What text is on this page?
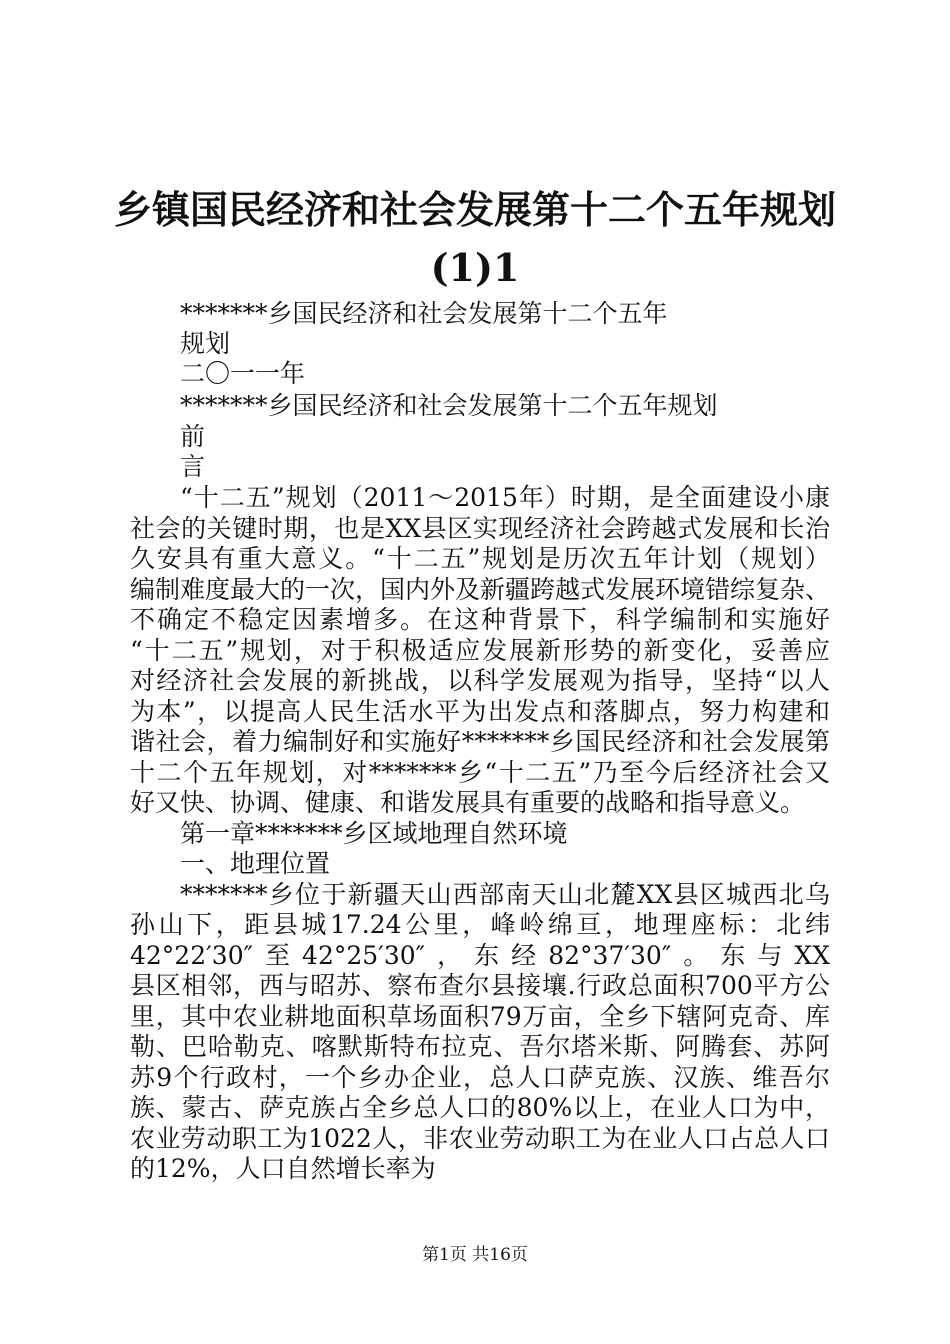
乡镇国民经济和社会发展第十二个五年规划
(1)1

*******乡国民经济和社会发展第十二个五年

规划

二〇一一年

*******乡国民经济和社会发展第十二个五年规划

前

言

“十二五”规划（2011～2015年）时期，是全面建设小康

社会的关键时期，也是XX县区实现经济社会跨越式发展和长治

久安具有重大意义。“十二五”规划是历次五年计划（规划）

编制难度最大的一次，国内外及新疆跨越式发展环境错综复杂、

不确定不稳定因素增多。在这种背景下，科学编制和实施好

“十二五”规划，对于积极适应发展新形势的新变化，妥善应

对经济社会发展的新挑战，以科学发展观为指导，坚持“以人

为本”，以提高人民生活水平为出发点和落脚点，努力构建和

谐社会，着力编制好和实施好*******乡国民经济和社会发展第

十二个五年规划，对*******乡“十二五”乃至今后经济社会又

好又快、协调、健康、和谐发展具有重要的战略和指导意义。

第一章*******乡区域地理自然环境

一、地理位置

*******乡位于新疆天山西部南天山北麓XX县区城西北乌

孙山下，距县城17.24公里，峰岭绵亘，地理座标：北纬

42°22′30″至42°25′30″，东经82°37′30″。东与XX

县区相邻，西与昭苏、察布查尔县接壤.行政总面积700平方公

里，其中农业耕地面积草场面积79万亩，全乡下辖阿克奇、库

勒、巴哈勒克、喀默斯特布拉克、吾尔塔米斯、阿腾套、苏阿

苏9个行政村，一个乡办企业，总人口萨克族、汉族、维吾尔

族、蒙古、萨克族占全乡总人口的80%以上，在业人口为中，

农业劳动职工为1022人，非农业劳动职工为在业人口占总人口

的12%，人口自然增长率为

第1页 共16页
